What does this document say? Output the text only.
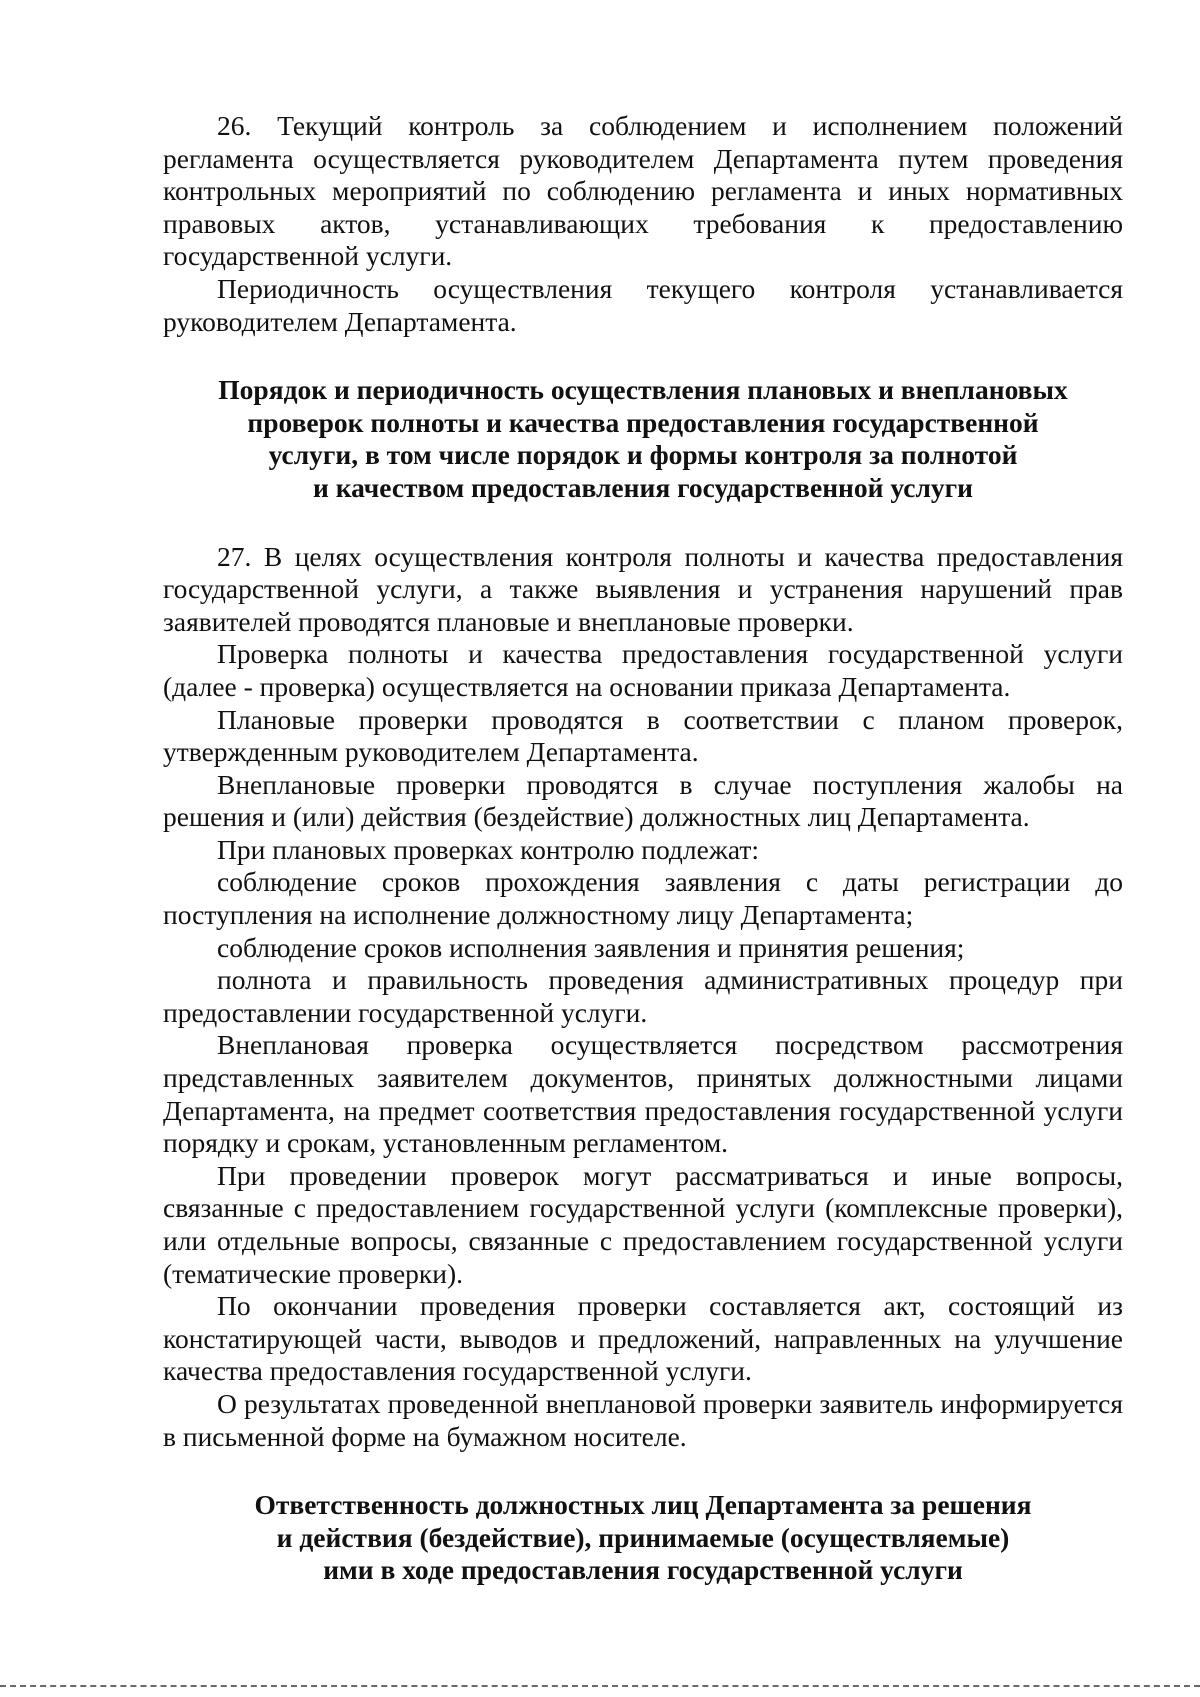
26. Текущий контроль за соблюдением и исполнением положений регламента осуществляется руководителем Департамента путем проведения контрольных мероприятий по соблюдению регламента и иных нормативных правовых актов, устанавливающих требования к предоставлению государственной услуги.

Периодичность осуществления текущего контроля устанавливается руководителем Департамента.

Порядок и периодичность осуществления плановых и внеплановых
проверок полноты и качества предоставления государственной
услуги, в том числе порядок и формы контроля за полнотой
и качеством предоставления государственной услуги

27. В целях осуществления контроля полноты и качества предоставления государственной услуги, а также выявления и устранения нарушений прав заявителей проводятся плановые и внеплановые проверки.

Проверка полноты и качества предоставления государственной услуги (далее - проверка) осуществляется на основании приказа Департамента.

Плановые проверки проводятся в соответствии с планом проверок, утвержденным руководителем Департамента.

Внеплановые проверки проводятся в случае поступления жалобы на решения и (или) действия (бездействие) должностных лиц Департамента.

При плановых проверках контролю подлежат:

соблюдение сроков прохождения заявления с даты регистрации до поступления на исполнение должностному лицу Департамента;

соблюдение сроков исполнения заявления и принятия решения;

полнота и правильность проведения административных процедур при предоставлении государственной услуги.

Внеплановая проверка осуществляется посредством рассмотрения представленных заявителем документов, принятых должностными лицами Департамента, на предмет соответствия предоставления государственной услуги порядку и срокам, установленным регламентом.

При проведении проверок могут рассматриваться и иные вопросы, связанные с предоставлением государственной услуги (комплексные проверки), или отдельные вопросы, связанные с предоставлением государственной услуги (тематические проверки).

По окончании проведения проверки составляется акт, состоящий из констатирующей части, выводов и предложений, направленных на улучшение качества предоставления государственной услуги.

О результатах проведенной внеплановой проверки заявитель информируется в письменной форме на бумажном носителе.

Ответственность должностных лиц Департамента за решения
и действия (бездействие), принимаемые (осуществляемые)
ими в ходе предоставления государственной услуги
